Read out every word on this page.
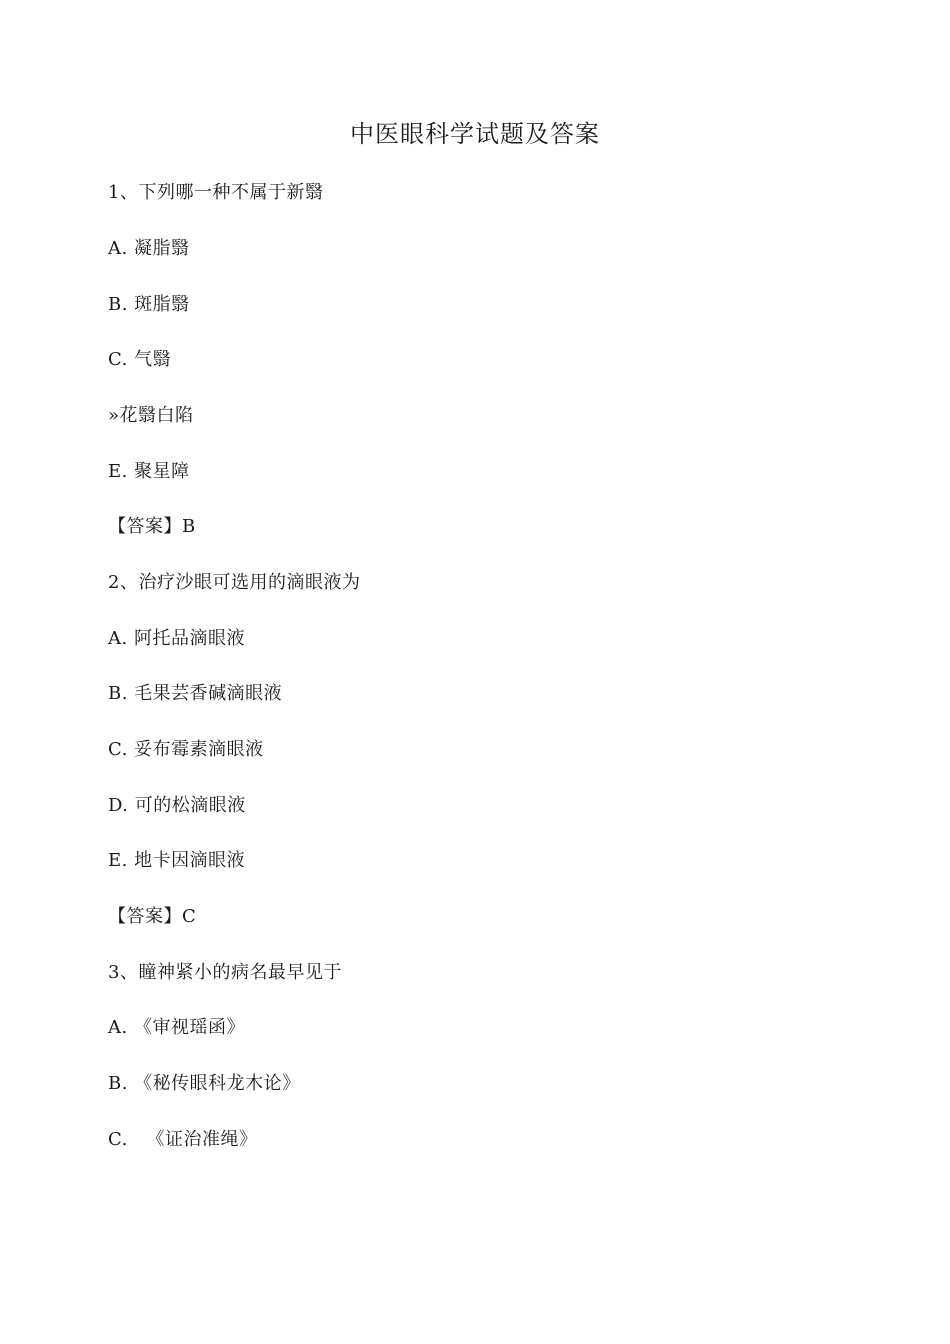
中医眼科学试题及答案
1、下列哪一种不属于新翳
A. 凝脂翳
B. 斑脂翳
C. 气翳
»花翳白陷
E. 聚星障
【答案】B
2、治疗沙眼可选用的滴眼液为
A. 阿托品滴眼液
B. 毛果芸香碱滴眼液
C. 妥布霉素滴眼液
D. 可的松滴眼液
E. 地卡因滴眼液
【答案】C
3、瞳神紧小的病名最早见于
A. 《审视瑶函》
B. 《秘传眼科龙木论》
C.   《证治准绳》
